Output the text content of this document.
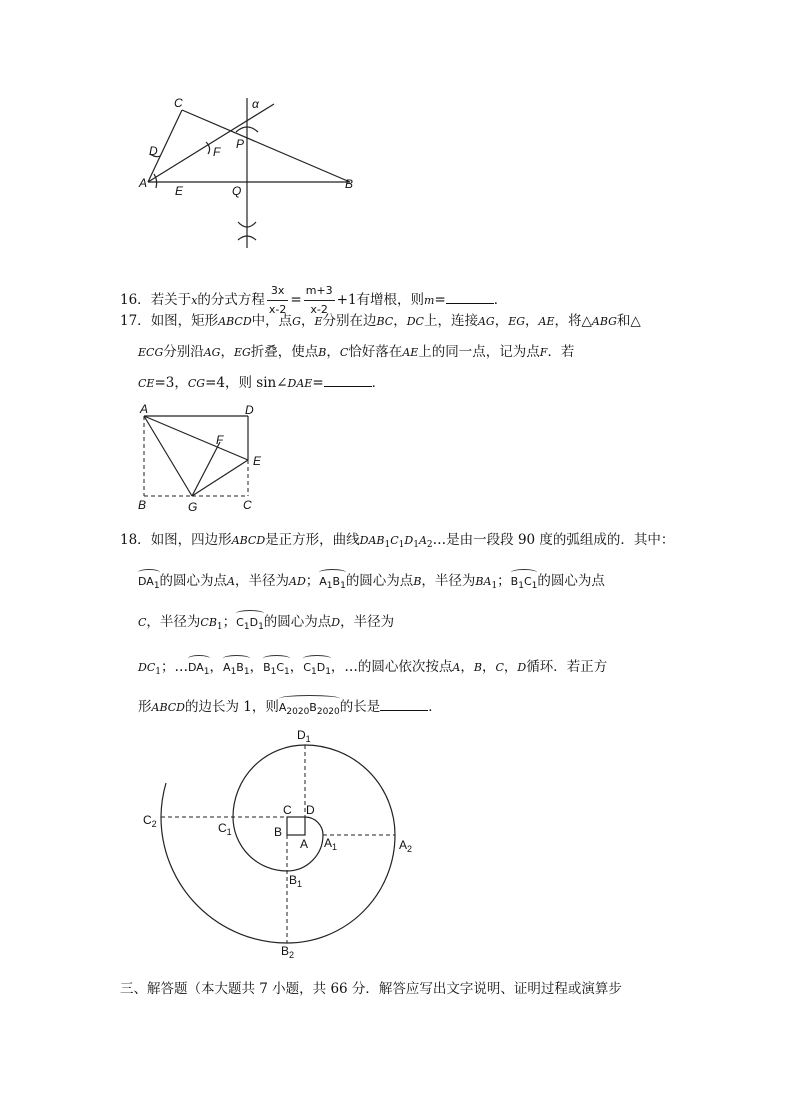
C
D	F
P
α
A
E	Q	B
16．若关于x的分式方程 $\frac{3x}{x-2} = \frac{m+3}{x-2} +1$有增根，则m=	．
17．如图，矩形ABCD中，点G，E分别在边BC，DC上，连接AG，EG，AE，将△ABG和△
ECG分别沿AG，EG折叠，使点B，C恰好落在AE上的同一点，记为点F．若
CE=3，CG=4，则 sin∠DAE=	．
A	D
F
E
B	G	C
18．如图，四边形ABCD是正方形，曲线$DAB_1C_1D_1A_2\dots$是由一段段 90 度的弧组成的．其中：
$DA_1$的圆心为点A，半径为AD；$A_1B_1$的圆心为点B，半径为$BA_1$；$B_1C_1$的圆心为点
C，半径为$CB_1$；$C_1D_1$的圆心为点D，半径为
$DC_1$；$\dots DA_1$，$A_1B_1$，$B_1C_1$，$C_1D_1$，…的圆心依次按点A，B，C，D循环．若正方
形ABCD的边长为 1，则$A_{2020}B_{2020}$的长是	．
$D_1$
$C_2$	$C_1$
C D
B
A $A_1$	$A_2$
$B_1$
$B_2$
三、解答题（本大题共 7 小题，共 66 分．解答应写出文字说明、证明过程或演算步
